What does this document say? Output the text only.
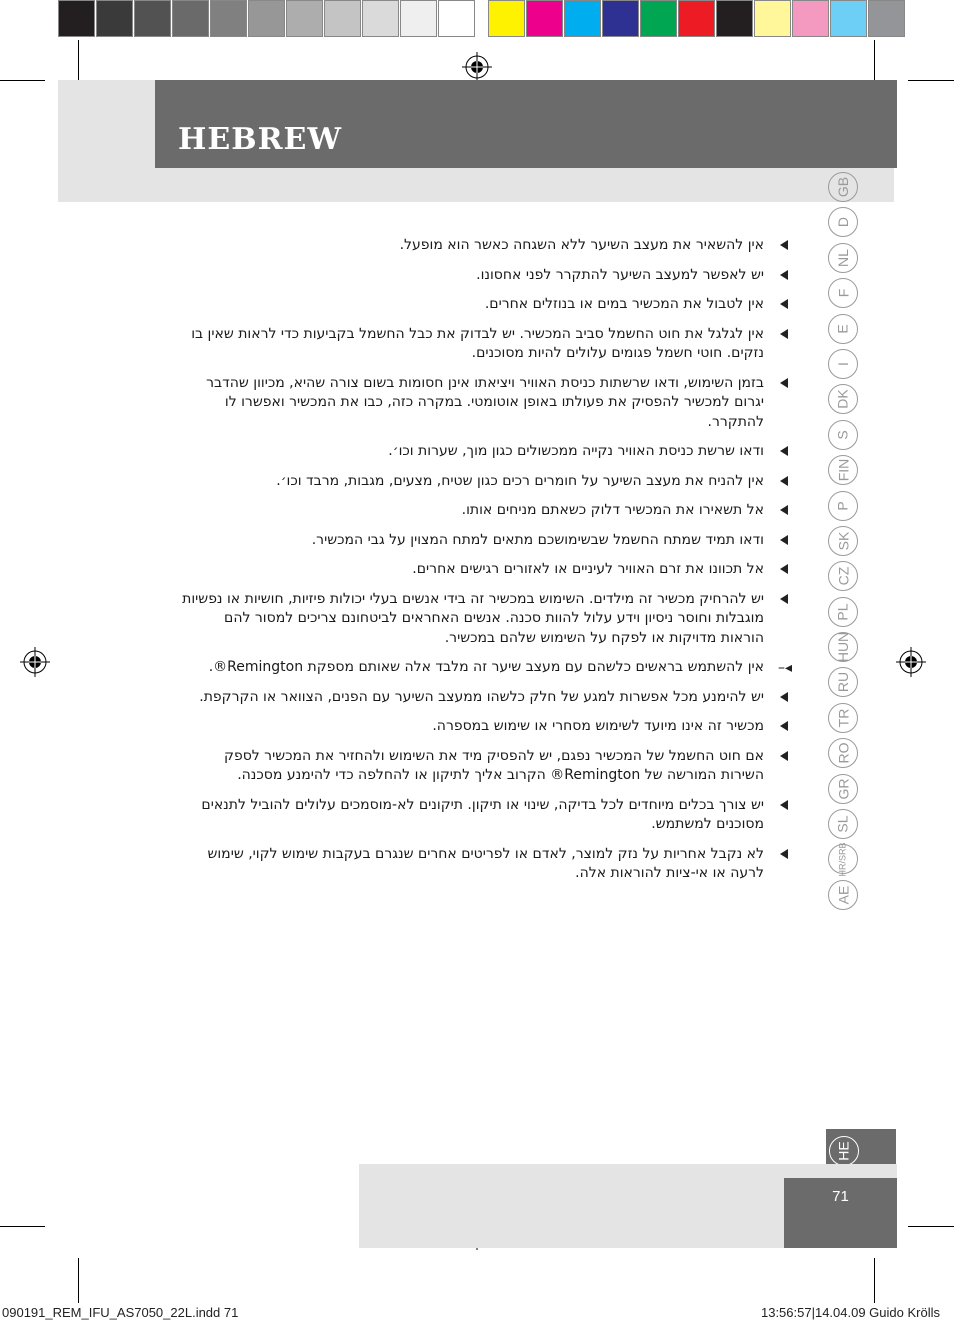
HEBREW
GB
D
NL
F
E
I
DK
S
FIN
P
SK
CZ
PL
HUN
RU
TR
RO
GR
SL
HR/SRB
AE
HE
אין להשאיר את מעצב השיער ללא השגחה כאשר הוא מופעל.
יש לאפשר למעצב השיער להתקרר לפני אחסונו.
אין לטבול את המכשיר במים או בנוזלים אחרים.
אין לגלגל את חוט החשמל סביב המכשיר. יש לבדוק את כבל החשמל בקביעות כדי לראות שאין בו נזקים. חוטי חשמל פגומים עלולים להיות מסוכנים.
בזמן השימוש, ודאו שרשתות כניסת האוויר ויציאתו אינן חסומות בשום צורה שהיא, מכיוון שהדבר יגרום למכשיר להפסיק את פעולתו באופן אוטומטי. במקרה כזה, כבו את המכשיר ואפשרו לו להתקרר.
ודאו שרשת כניסת האוויר נקייה ממכשולים כגון מוך, שערות וכו׳.
אין להניח את מעצב השיער על חומרים רכים כגון שטיח, מצעים, מגבות, מרבד וכו׳.
אל תשאירו את המכשיר דלוק כשאתם מניחים אותו.
ודאו תמיד שמתח החשמל שבשימושכם מתאים למתח המצוין על גבי המכשיר.
אל תכוונו את זרם האוויר לעיניים או לאזורים רגישים אחרים.
יש להרחיק מכשיר זה מילדים. השימוש במכשיר זה בידי אנשים בעלי יכולות פיזיות, חושיות או נפשיות מוגבלות וחוסר ניסיון וידע עלול להוות סכנה. אנשים האחראים לביטחונם צריכים למסור להם הוראות מדויקות או לפקח על השימוש שלהם במכשיר.
◂–
אין להשתמש בראשים כלשהם עם מעצב שיער זה מלבד אלה שאותם מספקת Remington®.
יש להימנע מכל אפשרות למגע של חלק כלשהו ממעצב השיער עם הפנים, הצוואר או הקרקפת.
מכשיר זה אינו מיועד לשימוש מסחרי או שימוש במספרה.
אם חוט החשמל של המכשיר נפגם, יש להפסיק מיד את השימוש ולהחזיר את המכשיר לספק השירות המורשה של Remington® הקרוב אליך לתיקון או להחלפה כדי להימנע מסכנה.
יש צורך בכלים מיוחדים לכל בדיקה, שינוי או תיקון. תיקונים לא-מוסמכים עלולים להוביל לתנאים מסוכנים למשתמש.
לא נקבל אחריות על נזק למוצר, לאדם או לפריטים אחרים שנגרם בעקבות שימוש לקוי, שימוש לרעה או אי-ציות להוראות אלה.
71
090191_REM_IFU_AS7050_22L.indd 71	13:56:57|14.04.09 Guido Krölls
